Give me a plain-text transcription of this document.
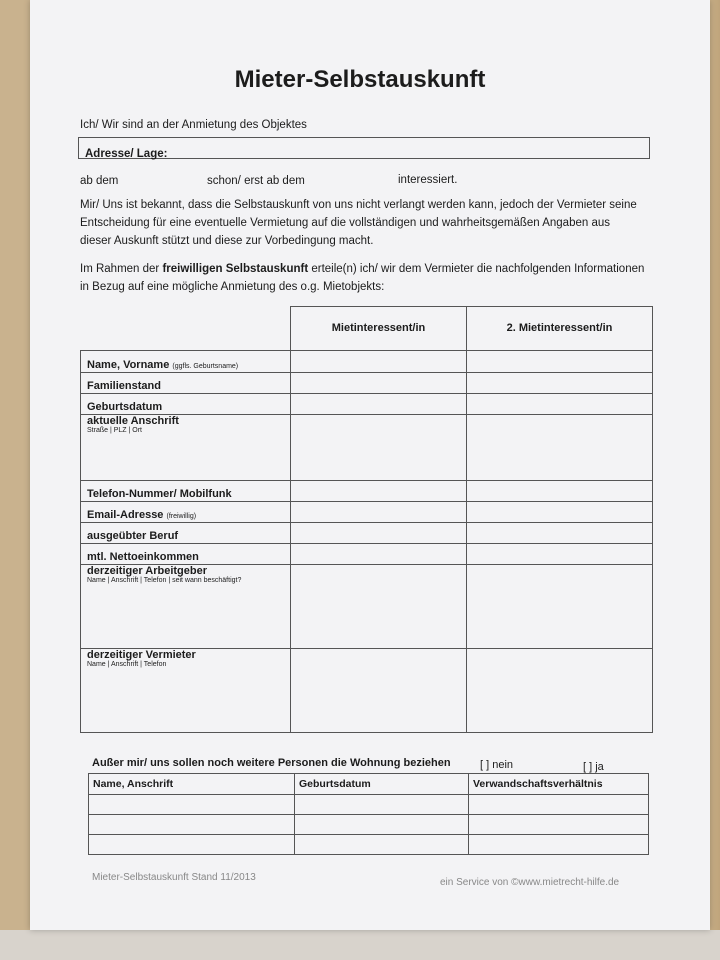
Mieter-Selbstauskunft
Ich/ Wir sind an der Anmietung des Objektes
Adresse/ Lage:
ab dem	schon/ erst ab dem	interessiert.
Mir/ Uns ist bekannt, dass die Selbstauskunft von uns nicht verlangt werden kann, jedoch der Vermieter seine Entscheidung für eine eventuelle Vermietung auf die vollständigen und wahrheitsgemäßen Angaben aus dieser Auskunft stützt und diese zur Vorbedingung macht.
Im Rahmen der freiwilligen Selbstauskunft erteile(n) ich/ wir dem Vermieter die nachfolgenden Informationen in Bezug auf eine mögliche Anmietung des o.g. Mietobjekts:
	Mietinteressent/in	2. Mietinteressent/in
Name, Vorname (ggfls. Geburtsname)		
Familienstand		
Geburtsdatum		
aktuelle Anschrift
Straße | PLZ | Ort		

Telefon-Nummer/ Mobilfunk		
Email-Adresse (freiwillig)		
ausgeübter Beruf		
mtl. Nettoeinkommen		
derzeitiger Arbeitgeber
Name | Anschrift | Telefon | seit wann beschäftigt?		

derzeitiger Vermieter
Name | Anschrift | Telefon		

Außer mir/ uns sollen noch weitere Personen die Wohnung beziehen	[ ] nein	[ ] ja
Name, Anschrift	Geburtsdatum	Verwandschaftsverhältnis

Mieter-Selbstauskunft Stand 11/2013	ein Service von ©www.mietrecht-hilfe.de
